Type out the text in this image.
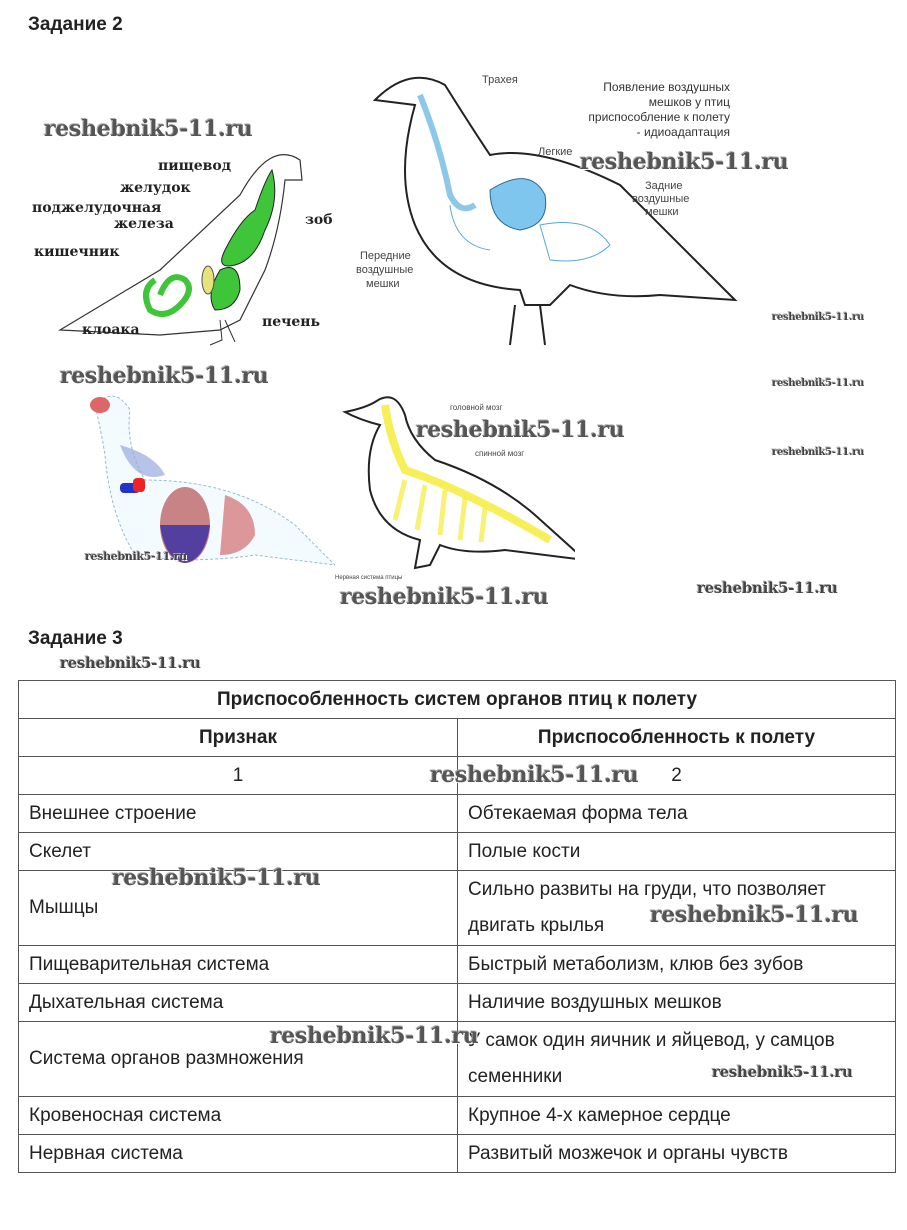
Задание 2
пищевод
желудок
поджелудочная
железа
кишечник
клоака
зоб
печень
Трахея
Легкие
Задние
воздушные
мешки
Передние
воздушные
мешки
Появление воздушных
мешков у птиц
приспособление к полету
- идиоадаптация
головной мозг
спинной мозг
Нервная система птицы
reshebnik5-11.ru
reshebnik5-11.ru
reshebnik5-11.ru
reshebnik5-11.ru	reshebnik5-11.ru
reshebnik5-11.ru
reshebnik5-11.ru
reshebnik5-11.ru
reshebnik5-11.ru
reshebnik5-11.ru
Задание 3
reshebnik5-11.ru
Приспособленность систем органов птиц к полету	
Признак	Приспособленность к полету
1	2
Внешнее строение	Обтекаемая форма тела
Скелет	Полые кости
Мышцы	Сильно развиты на груди, что позволяет двигать крылья
Пищеварительная система	Быстрый метаболизм, клюв без зубов
Дыхательная система	Наличие воздушных мешков
Система органов размножения	У самок один яичник и яйцевод, у самцов семенники
Кровеносная система	Крупное 4-х камерное сердце
Нервная система	Развитый мозжечок и органы чувств
reshebnik5-11.ru
reshebnik5-11.ru
reshebnik5-11.ru
reshebnik5-11.ru
reshebnik5-11.ru
